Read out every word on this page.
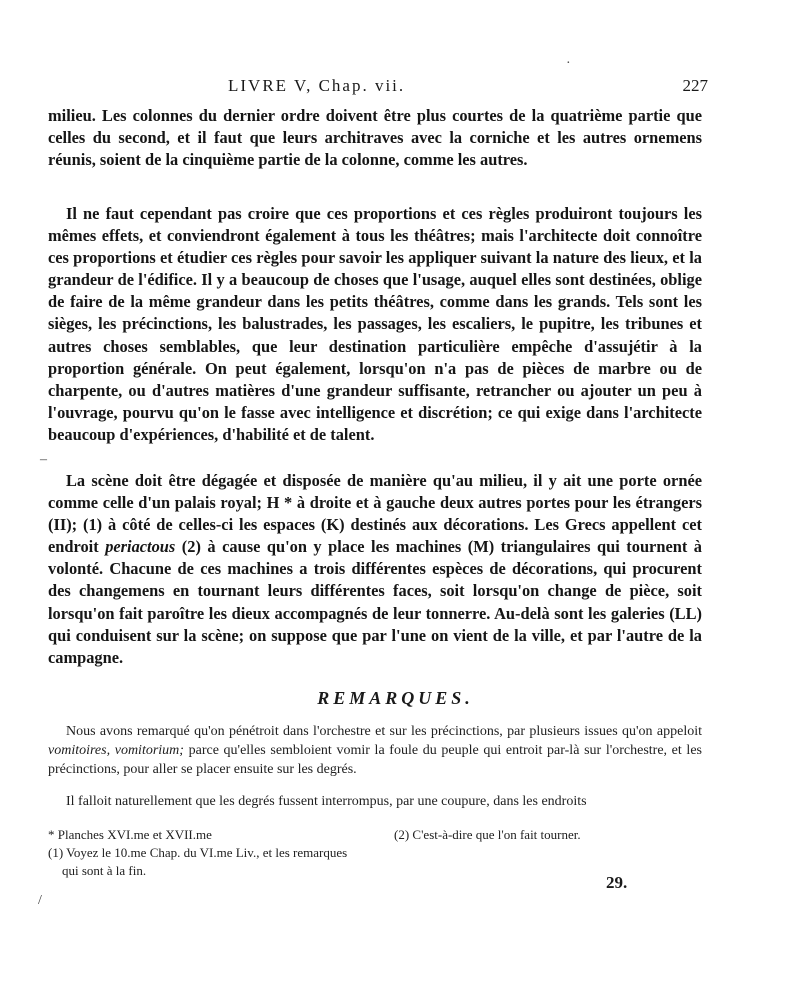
LIVRE V, Chap. vii.	227
milieu. Les colonnes du dernier ordre doivent être plus courtes de la quatrième partie que celles du second, et il faut que leurs architraves avec la corniche et les autres ornemens réunis, soient de la cinquième partie de la colonne, comme les autres.
Il ne faut cependant pas croire que ces proportions et ces règles produiront toujours les mêmes effets, et conviendront également à tous les théâtres; mais l'architecte doit connoître ces proportions et étudier ces règles pour savoir les appliquer suivant la nature des lieux, et la grandeur de l'édifice. Il y a beaucoup de choses que l'usage, auquel elles sont destinées, oblige de faire de la même grandeur dans les petits théâtres, comme dans les grands. Tels sont les sièges, les précinctions, les balustrades, les passages, les escaliers, le pupitre, les tribunes et autres choses semblables, que leur destination particulière empêche d'assujétir à la proportion générale. On peut également, lorsqu'on n'a pas de pièces de marbre ou de charpente, ou d'autres matières d'une grandeur suffisante, retrancher ou ajouter un peu à l'ouvrage, pourvu qu'on le fasse avec intelligence et discrétion; ce qui exige dans l'architecte beaucoup d'expériences, d'habilité et de talent.
La scène doit être dégagée et disposée de manière qu'au milieu, il y ait une porte ornée comme celle d'un palais royal; H * à droite et à gauche deux autres portes pour les étrangers (II); (1) à côté de celles-ci les espaces (K) destinés aux décorations. Les Grecs appellent cet endroit periactous (2) à cause qu'on y place les machines (M) triangulaires qui tournent à volonté. Chacune de ces machines a trois différentes espèces de décorations, qui procurent des changemens en tournant leurs différentes faces, soit lorsqu'on change de pièce, soit lorsqu'on fait paroître les dieux accompagnés de leur tonnerre. Au-delà sont les galeries (LL) qui conduisent sur la scène; on suppose que par l'une on vient de la ville, et par l'autre de la campagne.
REMARQUES.
Nous avons remarqué qu'on pénétroit dans l'orchestre et sur les précinctions, par plusieurs issues qu'on appeloit vomitoires, vomitorium; parce qu'elles sembloient vomir la foule du peuple qui entroit par-là sur l'orchestre, et les précinctions, pour aller se placer ensuite sur les degrés.
Il falloit naturellement que les degrés fussent interrompus, par une coupure, dans les endroits
* Planches XVI.me et XVII.me
(1) Voyez le 10.me Chap. du VI.me Liv., et les remarques qui sont à la fin.
(2) C'est-à-dire que l'on fait tourner.
29.
·
–
/
